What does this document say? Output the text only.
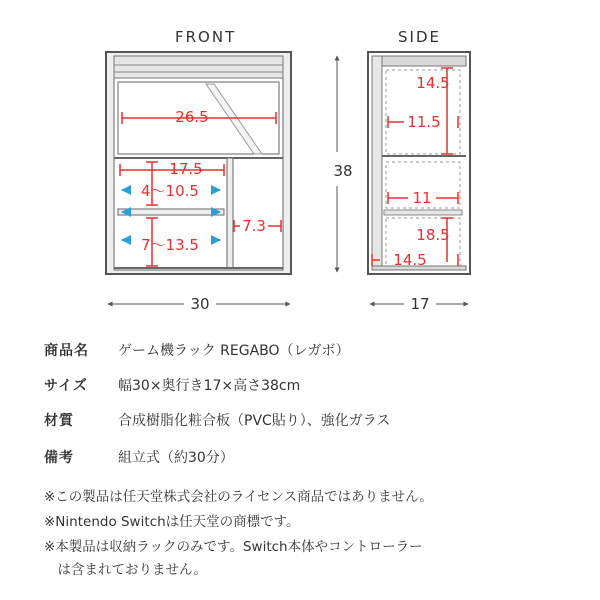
FRONT	SIDE
26.5
17.5
4〜10.5
7〜13.5
7.3
30
38
14.5
11.5
11
18.5
14.5
17
商品名 ゲーム機ラック REGABO（レガボ）
サイズ 幅30×奥行き17×高さ38cm
材質	合成樹脂化粧合板（PVC貼り）、強化ガラス
備考	組立式（約30分）
※この製品は任天堂株式会社のライセンス商品ではありません。
※Nintendo Switchは任天堂の商標です。
※本製品は収納ラックのみです。Switch本体やコントローラー
　は含まれておりません。
